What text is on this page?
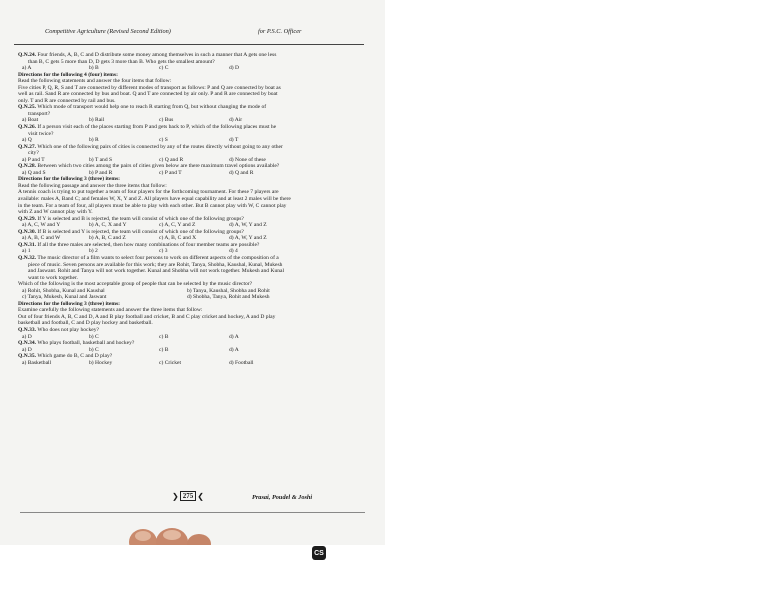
Competitive Agriculture (Revised Second Edition)	for P.S.C. Officer

Q.N.24. Four friends, A, B, C and D distribute some money among themselves in such a manner that A gets one less

than B, C gets 5 more than D, D gets 3 more than B. Who gets the smallest amount?

a) A	b) B	c) C	d) D

Directions for the following 4 (four) items:

Read the following statements and answer the four items that follow:

Five cities P, Q, R, S and T are connected by different modes of transport as follows: P and Q are connected by boat as

well as rail. Sand R are connected by bus and boat. Q and T are connected by air only. P and R are connected by boat

only. T and R are connected by rail and bus.

Q.N.25. Which mode of transport would help one to reach R starting from Q, but without changing the mode of

transport?

a) Boat	b) Rail	c) Bus	d) Air

Q.N.26. If a person visit each of the places starting from P and gets back to P, which of the following places must he

visit twice?

a) Q	b) R	c) S	d) T

Q.N.27. Which one of the following pairs of cities is connected by any of the routes directly without going to any other

city?

a) P and T	b) T and S	c) Q and R	d) None of these

Q.N.28. Between which two cities among the pairs of cities given below are there maximum travel options available?

a) Q and S	b) P and R	c) P and T	d) Q and R

Directions for the following 3 (three) items:

Read the following passage and answer the three items that follow:

A tennis coach is trying to put together a team of four players for the forthcoming tournament. For these 7 players are

available: males A, Band C; and females W, X, Y and Z. All players have equal capability and at least 2 males will be there

in the team. For a team of four, all players must be able to play with each other. But B cannot play with W, C cannot play

with Z and W cannot play with Y.

Q.N.29. If Y is selected and B is rejected, the team will consist of which one of the following groups?

a) A, C, W and Y	b) A, C, X and Y	c) A, C, Y and Z	d) A, W, Y and Z

Q.N.30. If B is selected and Y is rejected, the team will consist of which one of the following groups?

a) A, B, C and W	b) A, B, C and Z	c) A, B, C and X	d) A, W, Y and Z

Q.N.31. If all the three males are selected, then how many combinations of four member teams are possible?

a) 1	b) 2	c) 3	d) 4

Q.N.32. The music director of a film wants to select four persons to work on different aspects of the composition of a

piece of music. Seven persons are available for this work; they are Rohit, Tanya, Shobha, Kaushal, Kunal, Mukesh

and Jaswant. Rohit and Tanya will not work together. Kunal and Shobha will not work together. Mukesh and Kunal

want to work together.

Which of the following is the most acceptable group of people that can be selected by the music director?

a) Rohit, Shobha, Kunal and Kaushal	b) Tanya, Kaushal, Shobha and Rohit
c) Tanya, Mukesh, Kunal and Jaswant	d) Shobha, Tanya, Rohit and Mukesh

Directions for the following 3 (three) items:

Examine carefully the following statements and answer the three items that follow:

Out of four friends A, B, C and D, A and B play football and cricket, B and C play cricket and hockey, A and D play

basketball and football, C and D play hockey and basketball.

Q.N.33. Who does not play hockey?

a) D	b) C	c) B	d) A

Q.N.34. Who plays football, basketball and hockey?

a) D	b) C	c) B	d) A

Q.N.35. Which game do B, C and D play?

a) Basketball	b) Hockey	c) Cricket	d) Football
❯ 275 ❮	Prasai, Poudel & Joshi
CS
